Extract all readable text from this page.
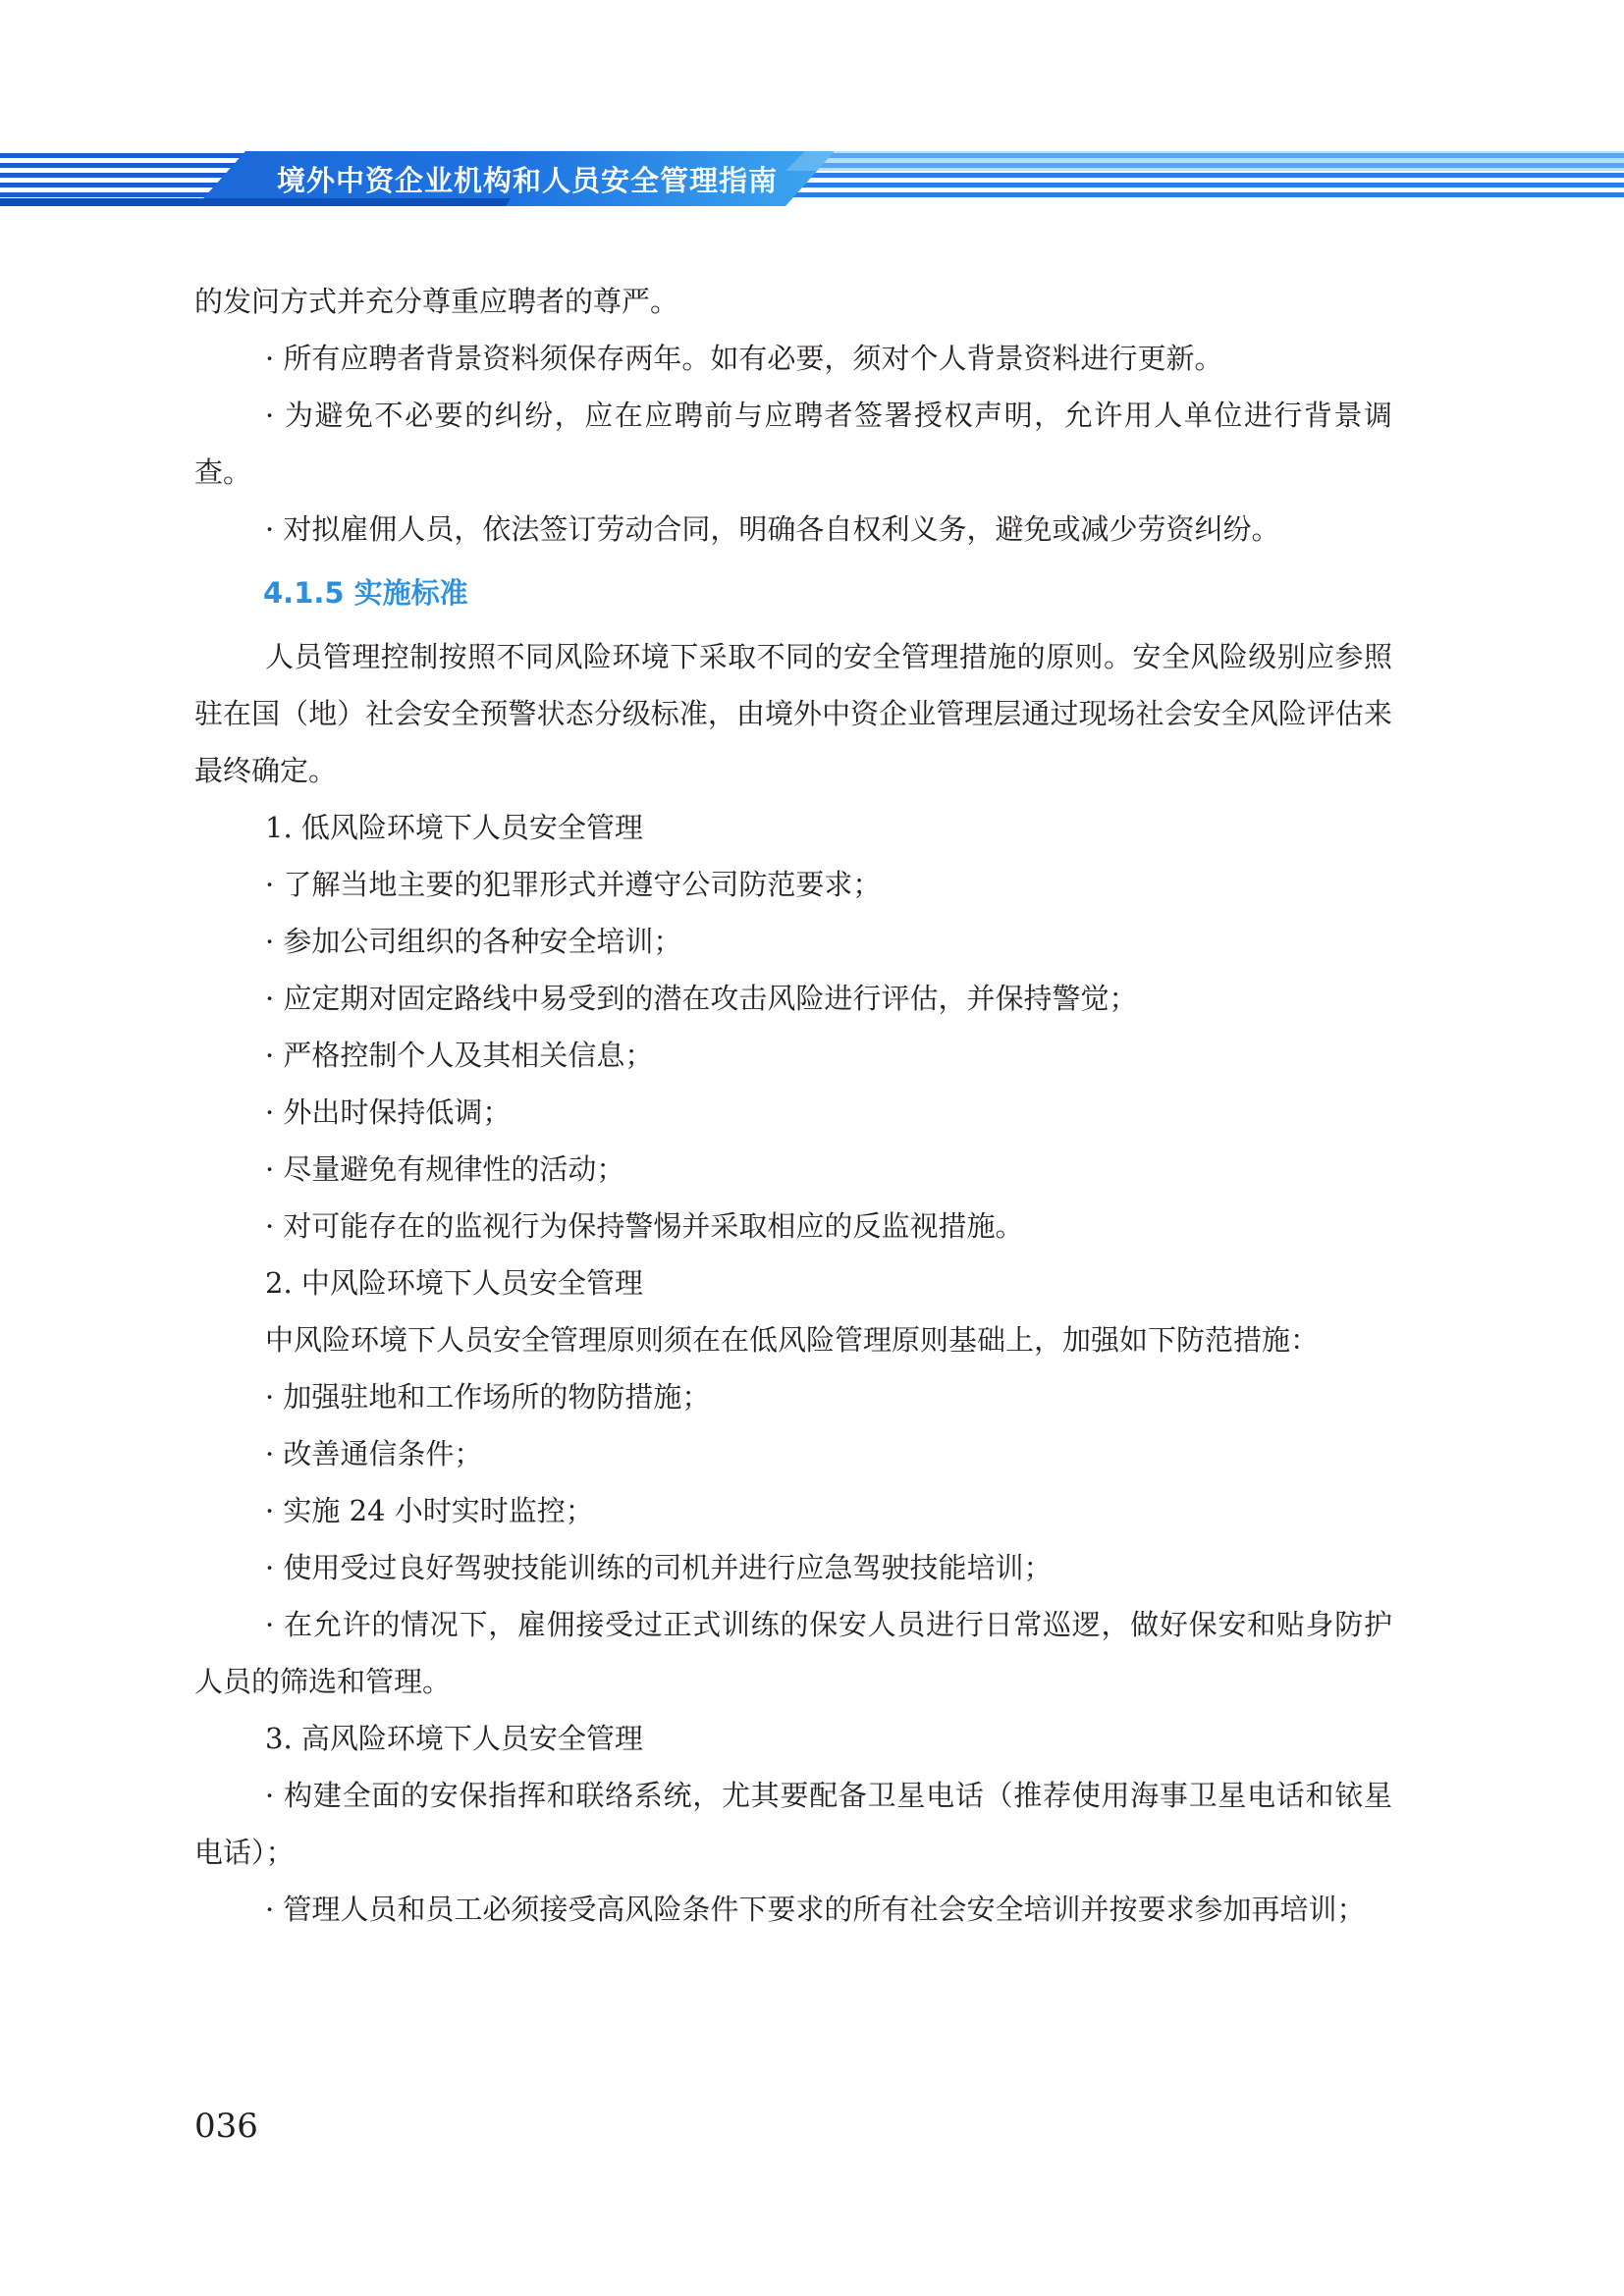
境外中资企业机构和人员安全管理指南

的发问方式并充分尊重应聘者的尊严。

· 所有应聘者背景资料须保存两年。如有必要，须对个人背景资料进行更新。

· 为避免不必要的纠纷，应在应聘前与应聘者签署授权声明，允许用人单位进行背景调查。

· 对拟雇佣人员，依法签订劳动合同，明确各自权利义务，避免或减少劳资纠纷。

4.1.5 实施标准

人员管理控制按照不同风险环境下采取不同的安全管理措施的原则。安全风险级别应参照驻在国（地）社会安全预警状态分级标准，由境外中资企业管理层通过现场社会安全风险评估来最终确定。

1. 低风险环境下人员安全管理

· 了解当地主要的犯罪形式并遵守公司防范要求；

· 参加公司组织的各种安全培训；

· 应定期对固定路线中易受到的潜在攻击风险进行评估，并保持警觉；

· 严格控制个人及其相关信息；

· 外出时保持低调；

· 尽量避免有规律性的活动；

· 对可能存在的监视行为保持警惕并采取相应的反监视措施。

2. 中风险环境下人员安全管理

中风险环境下人员安全管理原则须在在低风险管理原则基础上，加强如下防范措施：

· 加强驻地和工作场所的物防措施；

· 改善通信条件；

· 实施 24 小时实时监控；

· 使用受过良好驾驶技能训练的司机并进行应急驾驶技能培训；

· 在允许的情况下，雇佣接受过正式训练的保安人员进行日常巡逻，做好保安和贴身防护人员的筛选和管理。

3. 高风险环境下人员安全管理

· 构建全面的安保指挥和联络系统，尤其要配备卫星电话（推荐使用海事卫星电话和铱星电话）；

· 管理人员和员工必须接受高风险条件下要求的所有社会安全培训并按要求参加再培训；

036
